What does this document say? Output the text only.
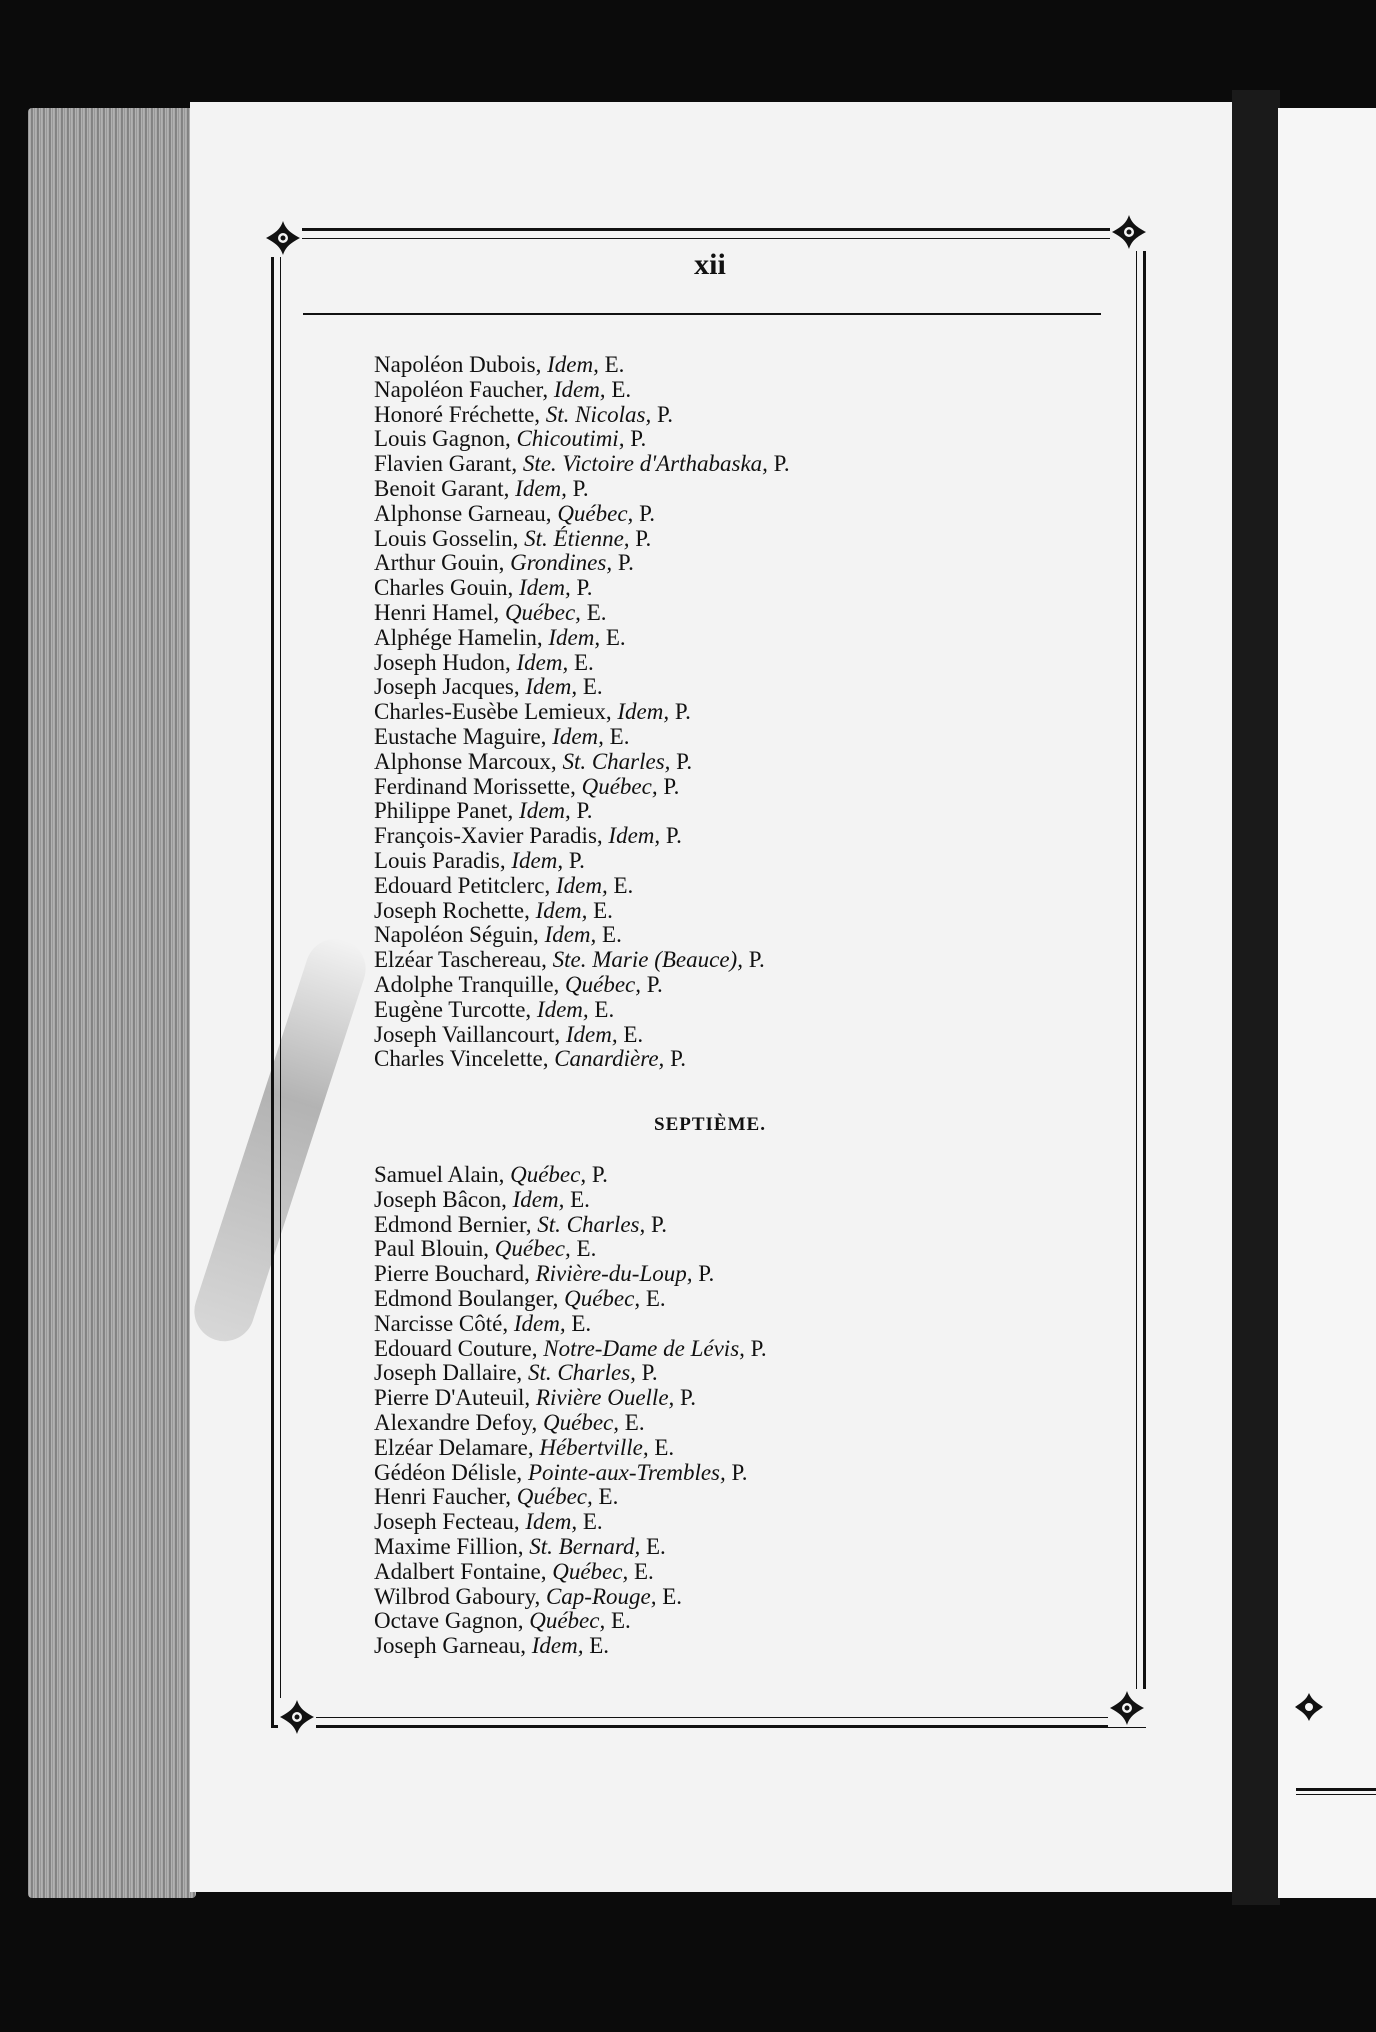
xii
Napoléon Dubois, Idem, E.
Napoléon Faucher, Idem, E.
Honoré Fréchette, St. Nicolas, P.
Louis Gagnon, Chicoutimi, P.
Flavien Garant, Ste. Victoire d'Arthabaska, P.
Benoit Garant, Idem, P.
Alphonse Garneau, Québec, P.
Louis Gosselin, St. Étienne, P.
Arthur Gouin, Grondines, P.
Charles Gouin, Idem, P.
Henri Hamel, Québec, E.
Alphége Hamelin, Idem, E.
Joseph Hudon, Idem, E.
Joseph Jacques, Idem, E.
Charles-Eusèbe Lemieux, Idem, P.
Eustache Maguire, Idem, E.
Alphonse Marcoux, St. Charles, P.
Ferdinand Morissette, Québec, P.
Philippe Panet, Idem, P.
François-Xavier Paradis, Idem, P.
Louis Paradis, Idem, P.
Edouard Petitclerc, Idem, E.
Joseph Rochette, Idem, E.
Napoléon Séguin, Idem, E.
Elzéar Taschereau, Ste. Marie (Beauce), P.
Adolphe Tranquille, Québec, P.
Eugène Turcotte, Idem, E.
Joseph Vaillancourt, Idem, E.
Charles Vincelette, Canardière, P.
SEPTIÈME.
Samuel Alain, Québec, P.
Joseph Bâcon, Idem, E.
Edmond Bernier, St. Charles, P.
Paul Blouin, Québec, E.
Pierre Bouchard, Rivière-du-Loup, P.
Edmond Boulanger, Québec, E.
Narcisse Côté, Idem, E.
Edouard Couture, Notre-Dame de Lévis, P.
Joseph Dallaire, St. Charles, P.
Pierre D'Auteuil, Rivière Ouelle, P.
Alexandre Defoy, Québec, E.
Elzéar Delamare, Hébertville, E.
Gédéon Délisle, Pointe-aux-Trembles, P.
Henri Faucher, Québec, E.
Joseph Fecteau, Idem, E.
Maxime Fillion, St. Bernard, E.
Adalbert Fontaine, Québec, E.
Wilbrod Gaboury, Cap-Rouge, E.
Octave Gagnon, Québec, E.
Joseph Garneau, Idem, E.
